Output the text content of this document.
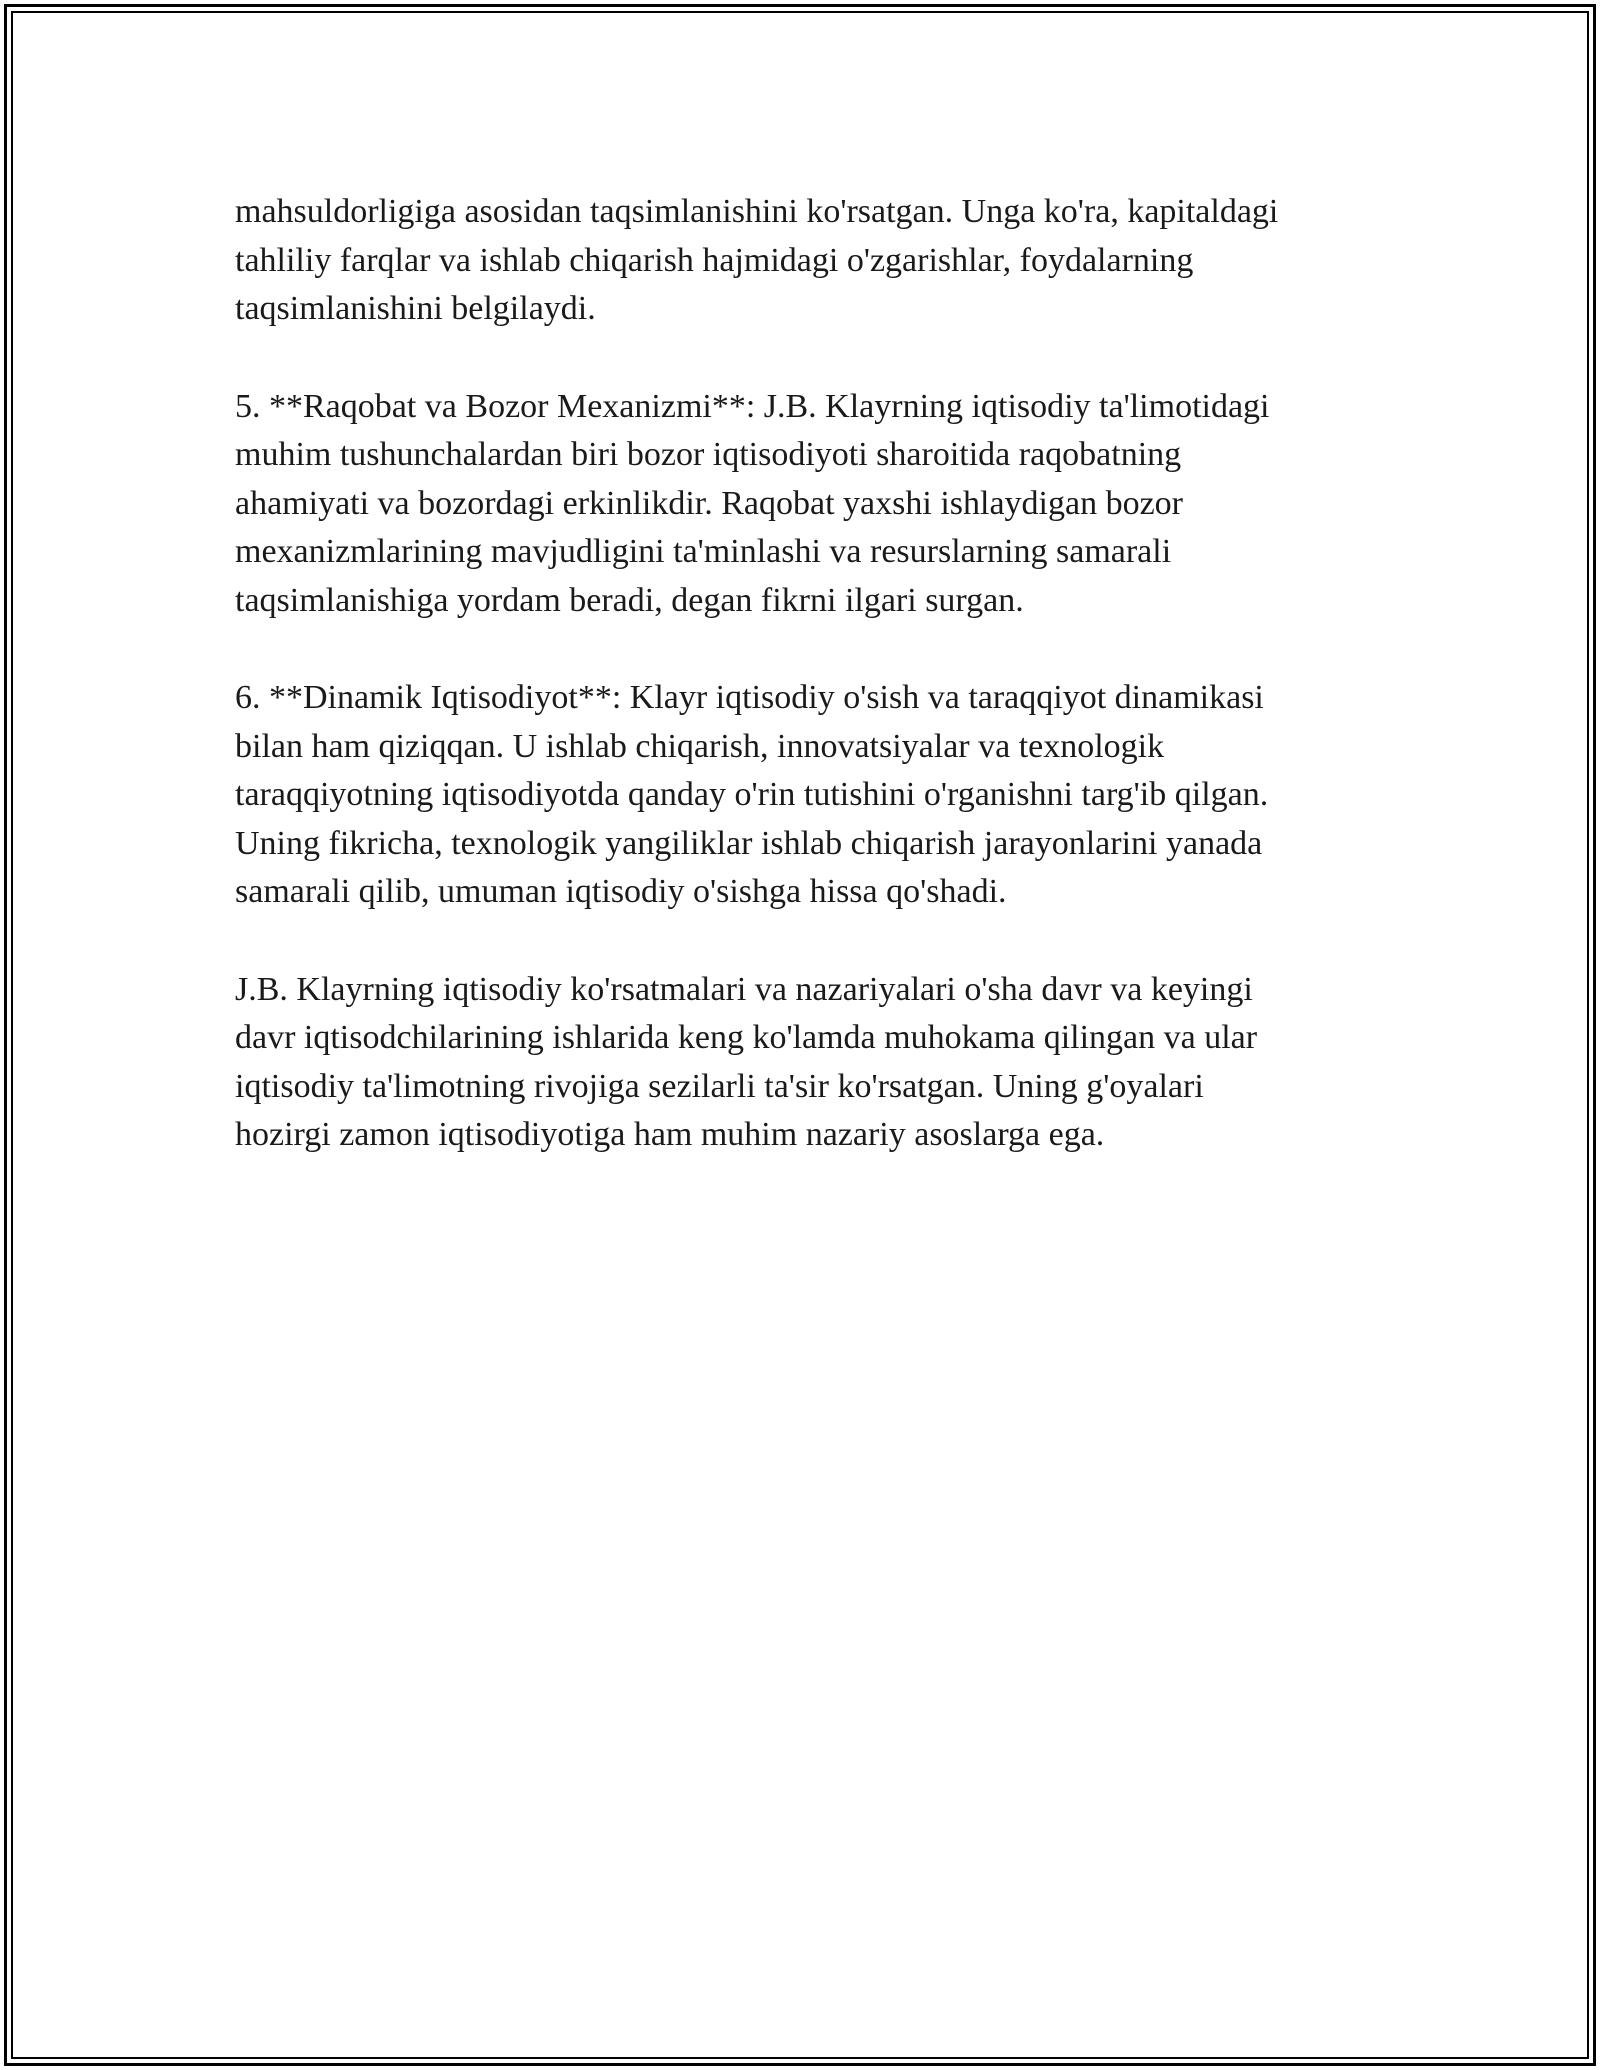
mahsuldorligiga asosidan taqsimlanishini ko'rsatgan. Unga ko'ra, kapitaldagi
tahliliy farqlar va ishlab chiqarish hajmidagi o'zgarishlar, foydalarning
taqsimlanishini belgilaydi.

5. **Raqobat va Bozor Mexanizmi**: J.B. Klayrning iqtisodiy ta'limotidagi
muhim tushunchalardan biri bozor iqtisodiyoti sharoitida raqobatning
ahamiyati va bozordagi erkinlikdir. Raqobat yaxshi ishlaydigan bozor
mexanizmlarining mavjudligini ta'minlashi va resurslarning samarali
taqsimlanishiga yordam beradi, degan fikrni ilgari surgan.

6. **Dinamik Iqtisodiyot**: Klayr iqtisodiy o'sish va taraqqiyot dinamikasi
bilan ham qiziqqan. U ishlab chiqarish, innovatsiyalar va texnologik
taraqqiyotning iqtisodiyotda qanday o'rin tutishini o'rganishni targ'ib qilgan.
Uning fikricha, texnologik yangiliklar ishlab chiqarish jarayonlarini yanada
samarali qilib, umuman iqtisodiy o'sishga hissa qo'shadi.

J.B. Klayrning iqtisodiy ko'rsatmalari va nazariyalari o'sha davr va keyingi
davr iqtisodchilarining ishlarida keng ko'lamda muhokama qilingan va ular
iqtisodiy ta'limotning rivojiga sezilarli ta'sir ko'rsatgan. Uning g'oyalari
hozirgi zamon iqtisodiyotiga ham muhim nazariy asoslarga ega.
